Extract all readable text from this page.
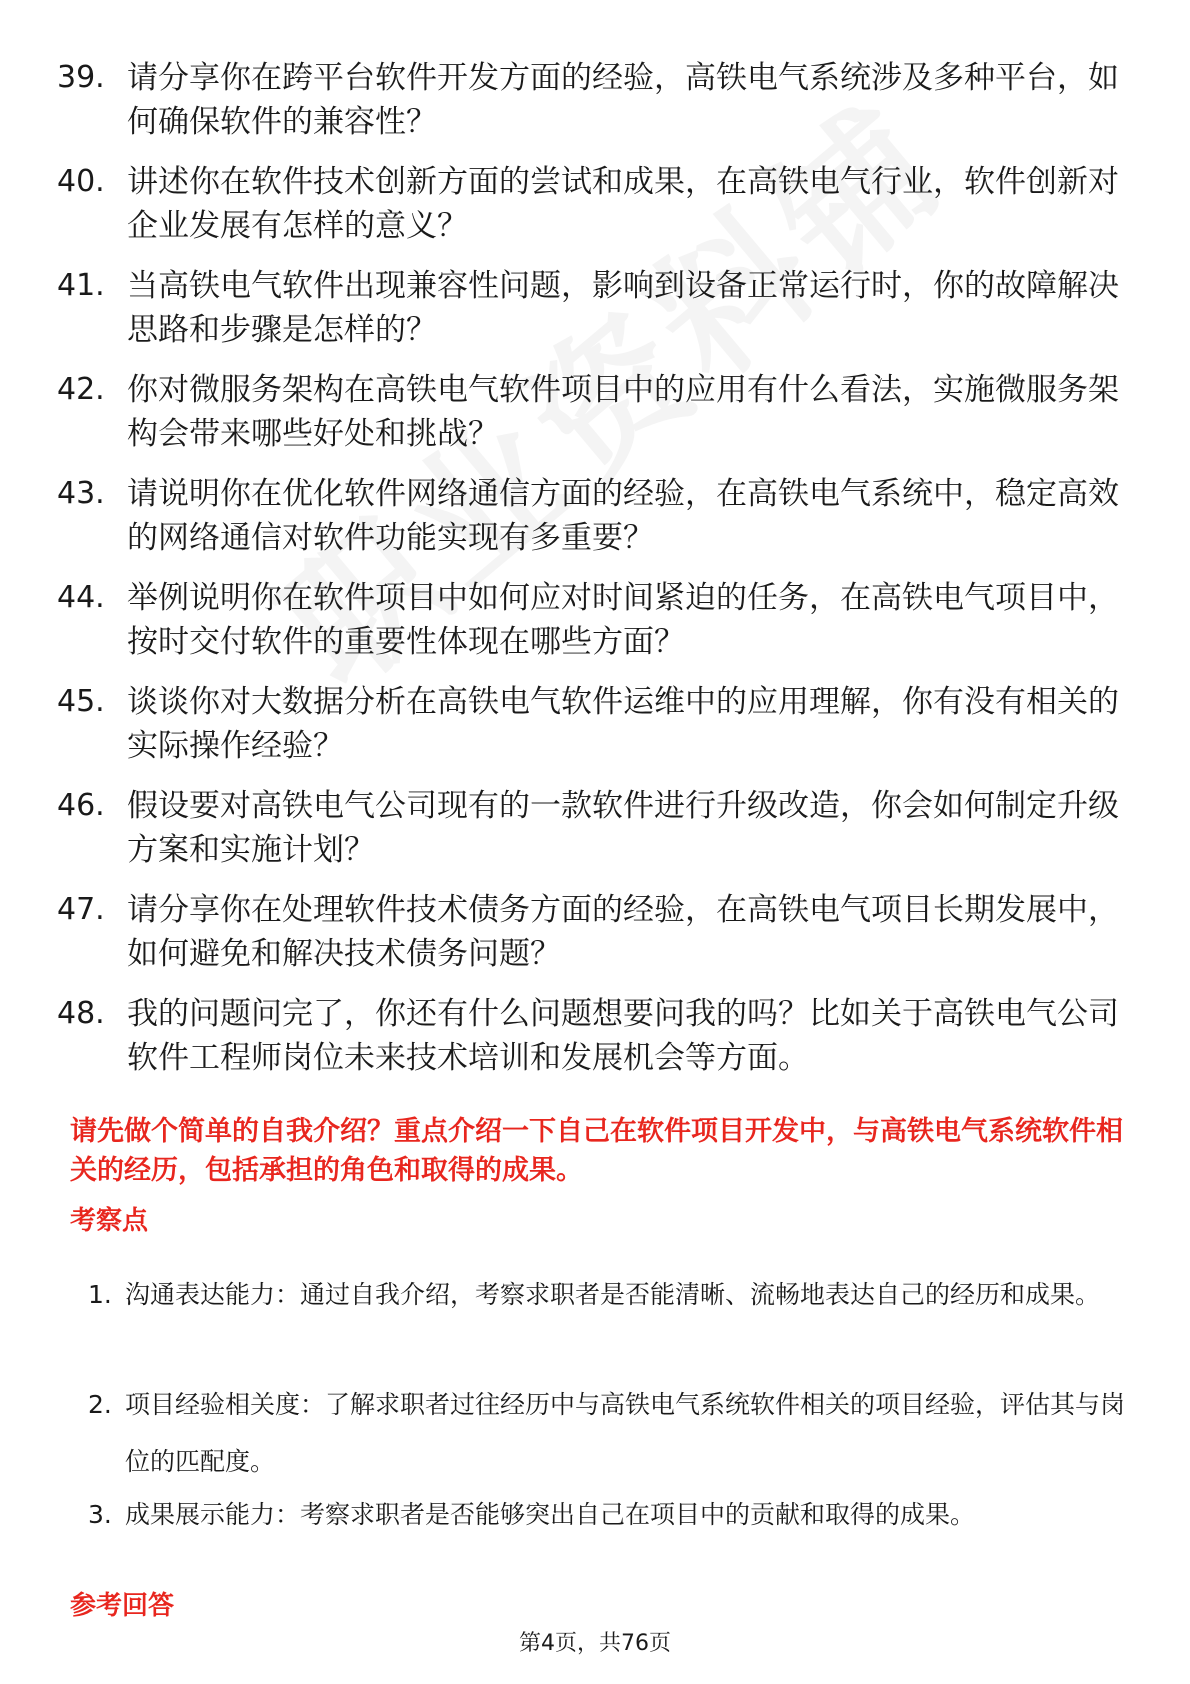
39. 请分享你在跨平台软件开发方面的经验，高铁电气系统涉及多种平台，如何确保软件的兼容性？
40. 讲述你在软件技术创新方面的尝试和成果，在高铁电气行业，软件创新对企业发展有怎样的意义？
41. 当高铁电气软件出现兼容性问题，影响到设备正常运行时，你的故障解决思路和步骤是怎样的？
42. 你对微服务架构在高铁电气软件项目中的应用有什么看法，实施微服务架构会带来哪些好处和挑战？
43. 请说明你在优化软件网络通信方面的经验，在高铁电气系统中，稳定高效的网络通信对软件功能实现有多重要？
44. 举例说明你在软件项目中如何应对时间紧迫的任务，在高铁电气项目中，按时交付软件的重要性体现在哪些方面？
45. 谈谈你对大数据分析在高铁电气软件运维中的应用理解，你有没有相关的实际操作经验？
46. 假设要对高铁电气公司现有的一款软件进行升级改造，你会如何制定升级方案和实施计划？
47. 请分享你在处理软件技术债务方面的经验，在高铁电气项目长期发展中，如何避免和解决技术债务问题？
48. 我的问题问完了，你还有什么问题想要问我的吗？比如关于高铁电气公司软件工程师岗位未来技术培训和发展机会等方面。
请先做个简单的自我介绍？重点介绍一下自己在软件项目开发中，与高铁电气系统软件相关的经历，包括承担的角色和取得的成果。
考察点
1. 沟通表达能力：通过自我介绍，考察求职者是否能清晰、流畅地表达自己的经历和成果。
2. 项目经验相关度：了解求职者过往经历中与高铁电气系统软件相关的项目经验，评估其与岗位的匹配度。
3. 成果展示能力：考察求职者是否能够突出自己在项目中的贡献和取得的成果。
参考回答
第4页，共76页
